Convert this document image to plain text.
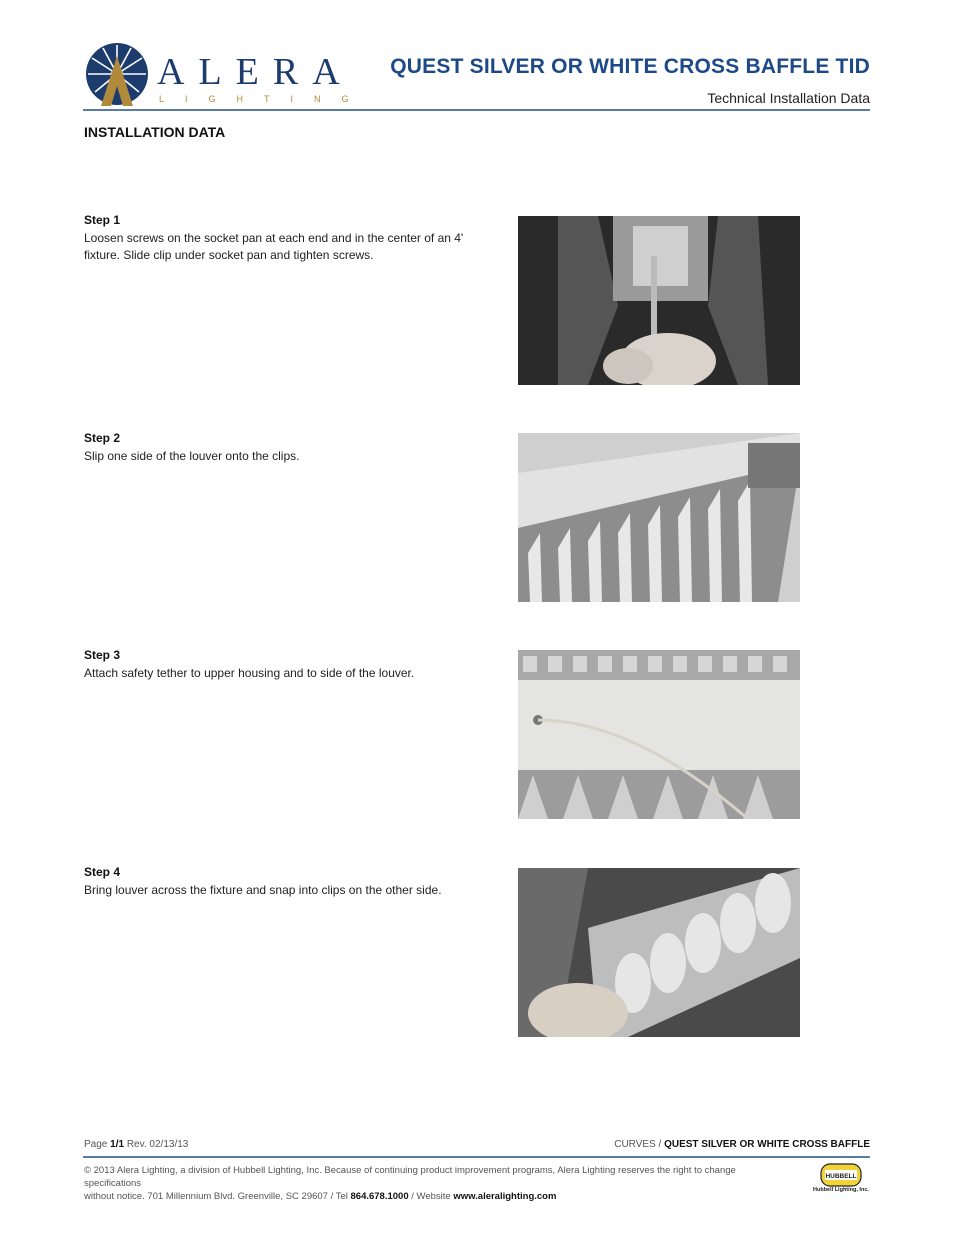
ALERA
LIGHTING
QUEST SILVER OR WHITE CROSS BAFFLE TID
Technical Installation Data
INSTALLATION DATA
Step 1
Loosen screws on the socket pan at each end and in the center of an 4' fixture. Slide clip under socket pan and tighten screws.
Step 2
Slip one side of the louver onto the clips.
Step 3
Attach safety tether to upper housing and to side of the louver.
Step 4
Bring louver across the fixture and snap into clips on the other side.
Page 1/1 Rev. 02/13/13	CURVES / QUEST SILVER OR WHITE CROSS BAFFLE
© 2013 Alera Lighting, a division of Hubbell Lighting, Inc. Because of continuing product improvement programs, Alera Lighting reserves the right to change specifications
without notice. 701 Millennium Blvd. Greenville, SC 29607 / Tel 864.678.1000 / Website www.aleralighting.com
HUBBELL
Hubbell Lighting, Inc.
